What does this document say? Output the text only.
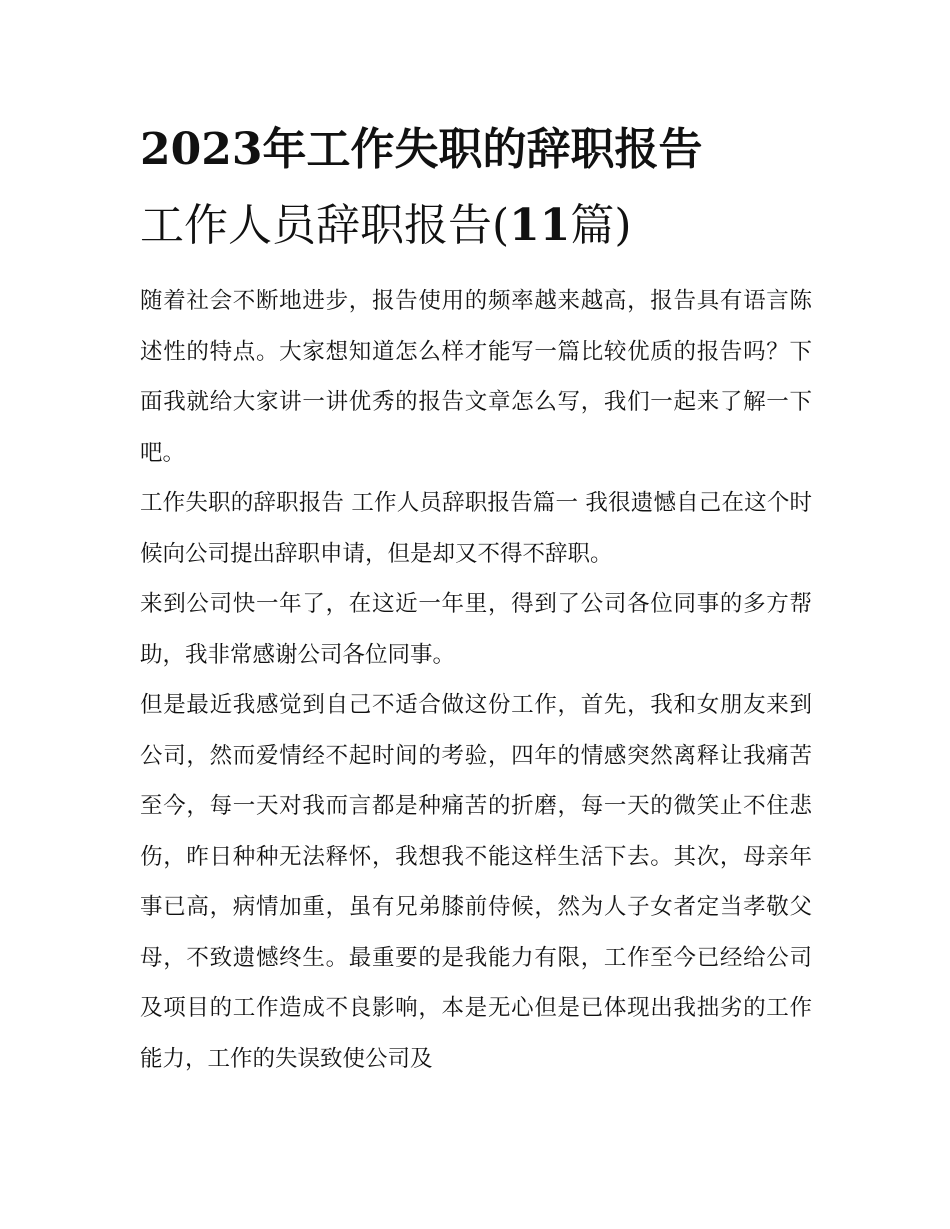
2023年工作失职的辞职报告

工作人员辞职报告(11篇)

随着社会不断地进步，报告使用的频率越来越高，报告具有语言陈述性的特点。大家想知道怎么样才能写一篇比较优质的报告吗？下面我就给大家讲一讲优秀的报告文章怎么写，我们一起来了解一下吧。

工作失职的辞职报告 工作人员辞职报告篇一 我很遗憾自己在这个时候向公司提出辞职申请，但是却又不得不辞职。

来到公司快一年了，在这近一年里，得到了公司各位同事的多方帮助，我非常感谢公司各位同事。

但是最近我感觉到自己不适合做这份工作，首先，我和女朋友来到公司，然而爱情经不起时间的考验，四年的情感突然离释让我痛苦至今，每一天对我而言都是种痛苦的折磨，每一天的微笑止不住悲伤，昨日种种无法释怀，我想我不能这样生活下去。其次，母亲年事已高，病情加重，虽有兄弟膝前侍候，然为人子女者定当孝敬父母，不致遗憾终生。最重要的是我能力有限，工作至今已经给公司及项目的工作造成不良影响，本是无心但是已体现出我拙劣的工作能力，工作的失误致使公司及
